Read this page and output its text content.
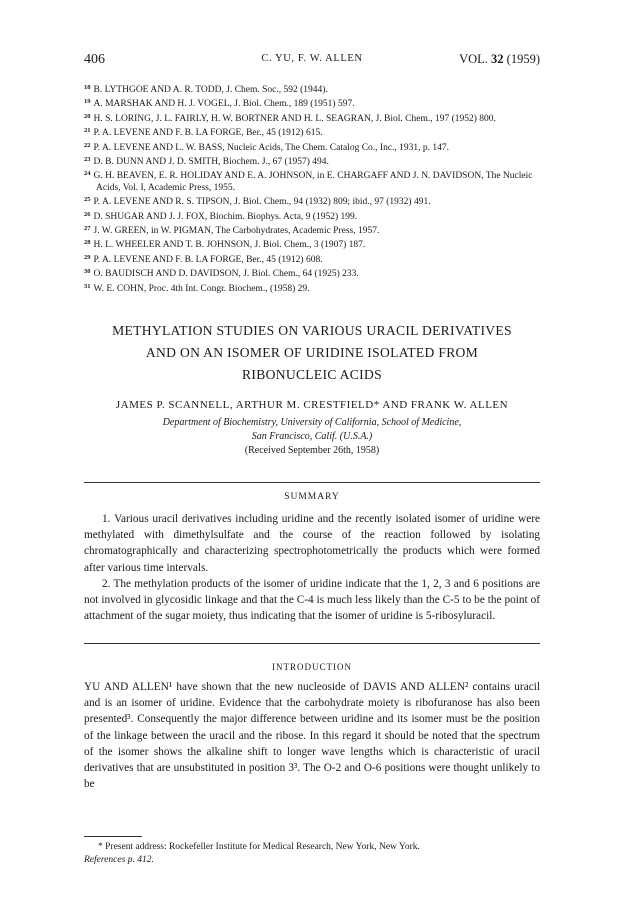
406	C. YU, F. W. ALLEN	VOL. 32 (1959)
$^{18}$ B. LYTHGOE AND A. R. TODD, J. Chem. Soc., 592 (1944).
$^{19}$ A. MARSHAK AND H. J. VOGEL, J. Biol. Chem., 189 (1951) 597.
$^{20}$ H. S. LORING, J. L. FAIRLY, H. W. BORTNER AND H. L. SEAGRAN, J. Biol. Chem., 197 (1952) 800.
$^{21}$ P. A. LEVENE AND F. B. LA FORGE, Ber., 45 (1912) 615.
$^{22}$ P. A. LEVENE AND L. W. BASS, Nucleic Acids, The Chem. Catalog Co., Inc., 1931, p. 147.
$^{23}$ D. B. DUNN AND J. D. SMITH, Biochem. J., 67 (1957) 494.
$^{24}$ G. H. BEAVEN, E. R. HOLIDAY AND E. A. JOHNSON, in E. CHARGAFF AND J. N. DAVIDSON, The Nucleic Acids, Vol. I, Academic Press, 1955.
$^{25}$ P. A. LEVENE AND R. S. TIPSON, J. Biol. Chem., 94 (1932) 809; ibid., 97 (1932) 491.
$^{26}$ D. SHUGAR AND J. J. FOX, Biochim. Biophys. Acta, 9 (1952) 199.
$^{27}$ J. W. GREEN, in W. PIGMAN, The Carbohydrates, Academic Press, 1957.
$^{28}$ H. L. WHEELER AND T. B. JOHNSON, J. Biol. Chem., 3 (1907) 187.
$^{29}$ P. A. LEVENE AND F. B. LA FORGE, Ber., 45 (1912) 608.
$^{30}$ O. BAUDISCH AND D. DAVIDSON, J. Biol. Chem., 64 (1925) 233.
$^{31}$ W. E. COHN, Proc. 4th Int. Congr. Biochem., (1958) 29.
METHYLATION STUDIES ON VARIOUS URACIL DERIVATIVES
AND ON AN ISOMER OF URIDINE ISOLATED FROM
RIBONUCLEIC ACIDS
JAMES P. SCANNELL, ARTHUR M. CRESTFIELD* AND FRANK W. ALLEN
Department of Biochemistry, University of California, School of Medicine,
San Francisco, Calif. (U.S.A.)
(Received September 26th, 1958)
SUMMARY

1. Various uracil derivatives including uridine and the recently isolated isomer of uridine were methylated with dimethylsulfate and the course of the reaction followed by isolating chromatographically and characterizing spectrophotometrically the products which were formed after various time intervals.

2. The methylation products of the isomer of uridine indicate that the 1, 2, 3 and 6 positions are not involved in glycosidic linkage and that the C-4 is much less likely than the C-5 to be the point of attachment of the sugar moiety, thus indicating that the isomer of uridine is 5-ribosyluracil.

INTRODUCTION

YU AND ALLEN¹ have shown that the new nucleoside of DAVIS AND ALLEN² contains uracil and is an isomer of uridine. Evidence that the carbohydrate moiety is ribofuranose has also been presented³. Consequently the major difference between uridine and its isomer must be the position of the linkage between the uracil and the ribose. In this regard it should be noted that the spectrum of the isomer shows the alkaline shift to longer wave lengths which is characteristic of uracil derivatives that are unsubstituted in position 3³. The O-2 and O-6 positions were thought unlikely to be

* Present address: Rockefeller Institute for Medical Research, New York, New York.
References p. 412.
